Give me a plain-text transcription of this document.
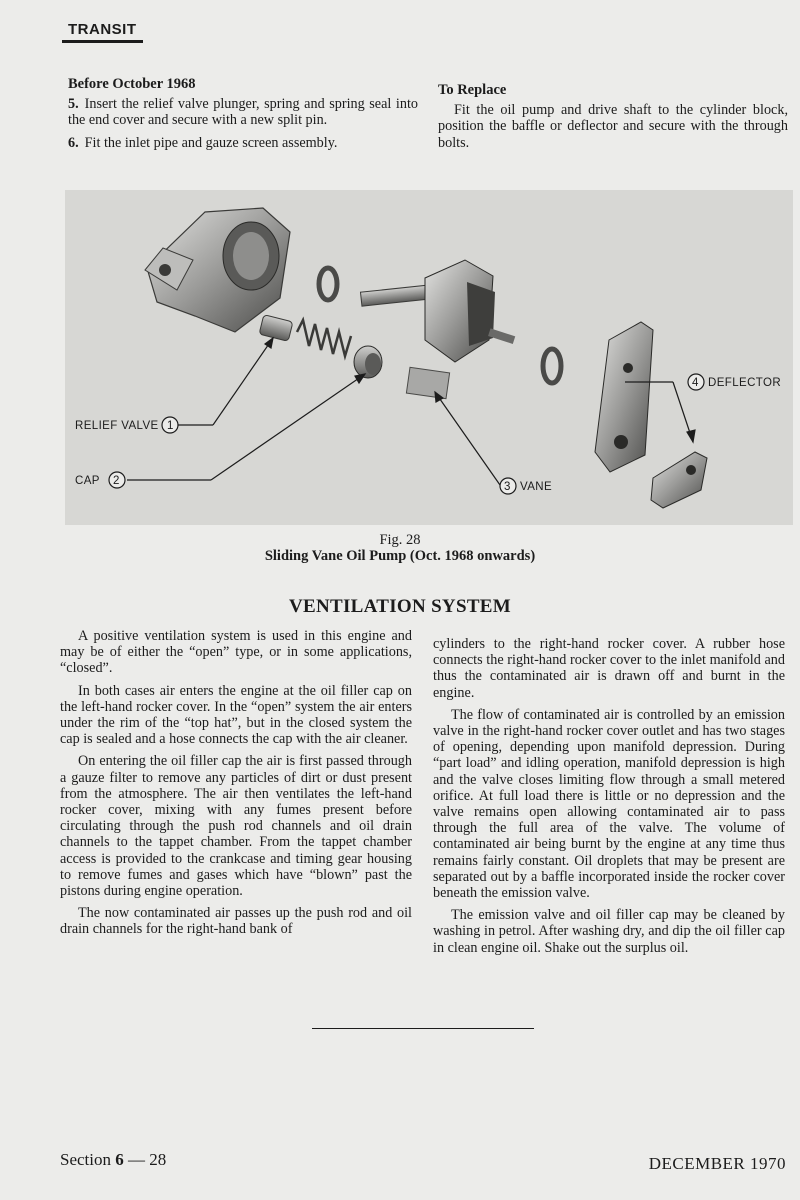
TRANSIT
Before October 1968

5. Insert the relief valve plunger, spring and spring seal into the end cover and secure with a new split pin.

6. Fit the inlet pipe and gauze screen assembly.

To Replace

Fit the oil pump and drive shaft to the cylinder block, position the baffle or deflector and secure with the through bolts.

RELIEF VALVE 1
CAP 2	3 VANE
4 DEFLECTOR
Fig. 28
Sliding Vane Oil Pump (Oct. 1968 onwards)
VENTILATION SYSTEM

A positive ventilation system is used in this engine and may be of either the “open” type, or in some applications, “closed”.

In both cases air enters the engine at the oil filler cap on the left-hand rocker cover. In the “open” system the air enters under the rim of the “top hat”, but in the closed system the cap is sealed and a hose connects the cap with the air cleaner.

On entering the oil filler cap the air is first passed through a gauze filter to remove any particles of dirt or dust present from the atmosphere. The air then ventilates the left-hand rocker cover, mixing with any fumes present before circulating through the push rod channels and oil drain channels to the tappet chamber. From the tappet chamber access is provided to the crankcase and timing gear housing to remove fumes and gases which have “blown” past the pistons during engine operation.

The now contaminated air passes up the push rod and oil drain channels for the right-hand bank of

cylinders to the right-hand rocker cover. A rubber hose connects the right-hand rocker cover to the inlet manifold and thus the contaminated air is drawn off and burnt in the engine.

The flow of contaminated air is controlled by an emission valve in the right-hand rocker cover outlet and has two stages of opening, depending upon manifold depression. During “part load” and idling operation, manifold depression is high and the valve closes limiting flow through a small metered orifice. At full load there is little or no depression and the valve remains open allowing contaminated air to pass through the full area of the valve. The volume of contaminated air being burnt by the engine at any time thus remains fairly constant. Oil droplets that may be present are separated out by a baffle incorporated inside the rocker cover beneath the emission valve.

The emission valve and oil filler cap may be cleaned by washing in petrol. After washing dry, and dip the oil filler cap in clean engine oil. Shake out the surplus oil.

Section 6 — 28	DECEMBER 1970
